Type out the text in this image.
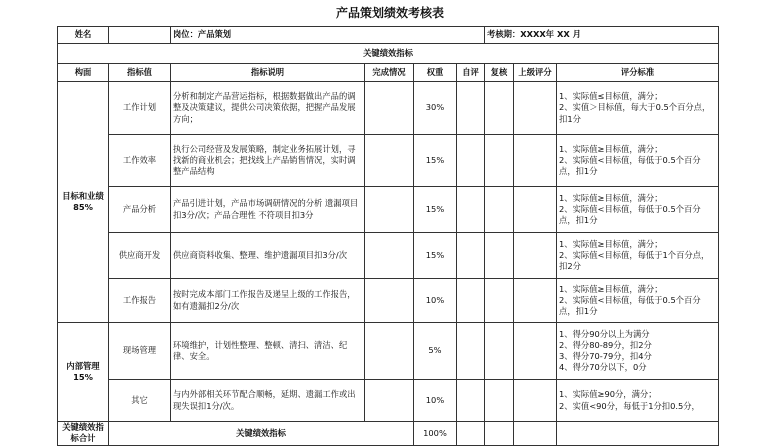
产品策划绩效考核表
姓名		岗位：产品策划				考核期：XXXX年 XX 月		
关键绩效指标								
构面	指标值	指标说明	完成情况	权重	自评	复核	上级评分	评分标准
目标和业绩
85%	工作计划	分析和制定产品营运指标，根据数据做出产品的调整及决策建议，提供公司决策依据，把握产品发展方向；		30%				1、实际值≤目标值，满分；
2、实值＞目标值，每大于0.5个百分点，扣1分
	工作效率	执行公司经营及发展策略，制定业务拓展计划，寻找新的商业机会；把找线上产品销售情况，实时调整产品结构		15%				1、实际值≥目标值，满分；
2、实际值<目标值，每低于0.5个百分点，扣1分
	产品分析	产品引进计划，产品市场调研情况的分析 遗漏项目扣3分/次；产品合理性 不符项目扣3分		15%				1、实际值≥目标值，满分；
2、实际值<目标值，每低于0.5个百分点，扣1分
	供应商开发	供应商资料收集、整理、维护遗漏项目扣3分/次		15%				1、实际值≥目标值，满分；
2、实际值<目标值，每低于1个百分点，扣2分
	工作报告	按时完成本部门工作报告及递呈上级的工作报告，如有遗漏扣2分/次		10%				1、实际值≥目标值，满分；
2、实际值<目标值，每低于0.5个百分点，扣1分
内部管理
15%	现场管理	环境维护，计划性整理、整顿、清扫、清洁、纪律、安全。		5%				1、得分90分以上为满分
2、得分80-89分，扣2分
3、得分70-79分，扣4分
4、得分70分以下，0分
	其它	与内外部相关环节配合顺畅，延期、遗漏工作或出现失误扣1分/次。		10%				1、实际值≥90分，满分；
2、实值<90分，每低于1分扣0.5分，
关键绩效指
标合计	关键绩效指标			100%				
